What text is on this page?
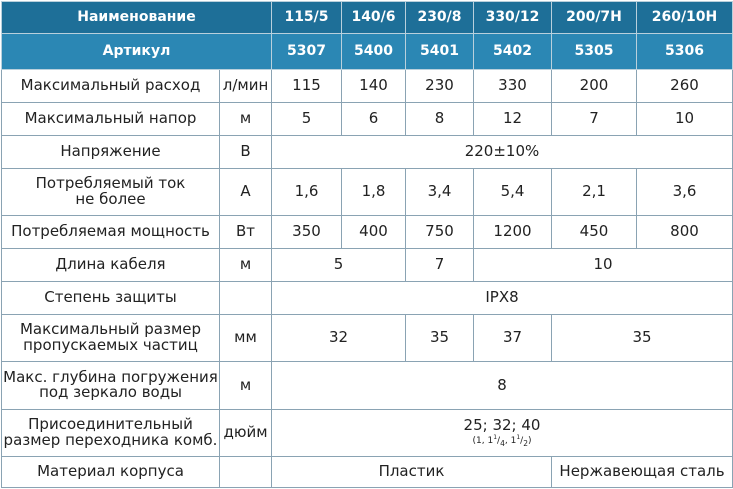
Наименование		115/5	140/6	230/8	330/12	200/7H	260/10H
Артикул		5307	5400	5401	5402	5305	5306
Максимальный расход	л/мин	115	140	230	330	200	260
Максимальный напор	м	5	6	8	12	7	10
Напряжение	В	220±10%					
Потребляемый ток
не более	А	1,6	1,8	3,4	5,4	2,1	3,6
Потребляемая мощность	Вт	350	400	750	1200	450	800
Длина кабеля	м	5		7	10		
Степень защиты		IPX8					
Максимальный размер
пропускаемых частиц	мм	32		35	37	35	
Макс. глубина погружения
под зеркало воды	м	8					
Присоединительный
размер переходника комб.	дюйм	25; 32; 40
(1, $1^1/_4$, $1^1/_2$)					

Материал корпуса		Пластик				Нержавеющая сталь	
